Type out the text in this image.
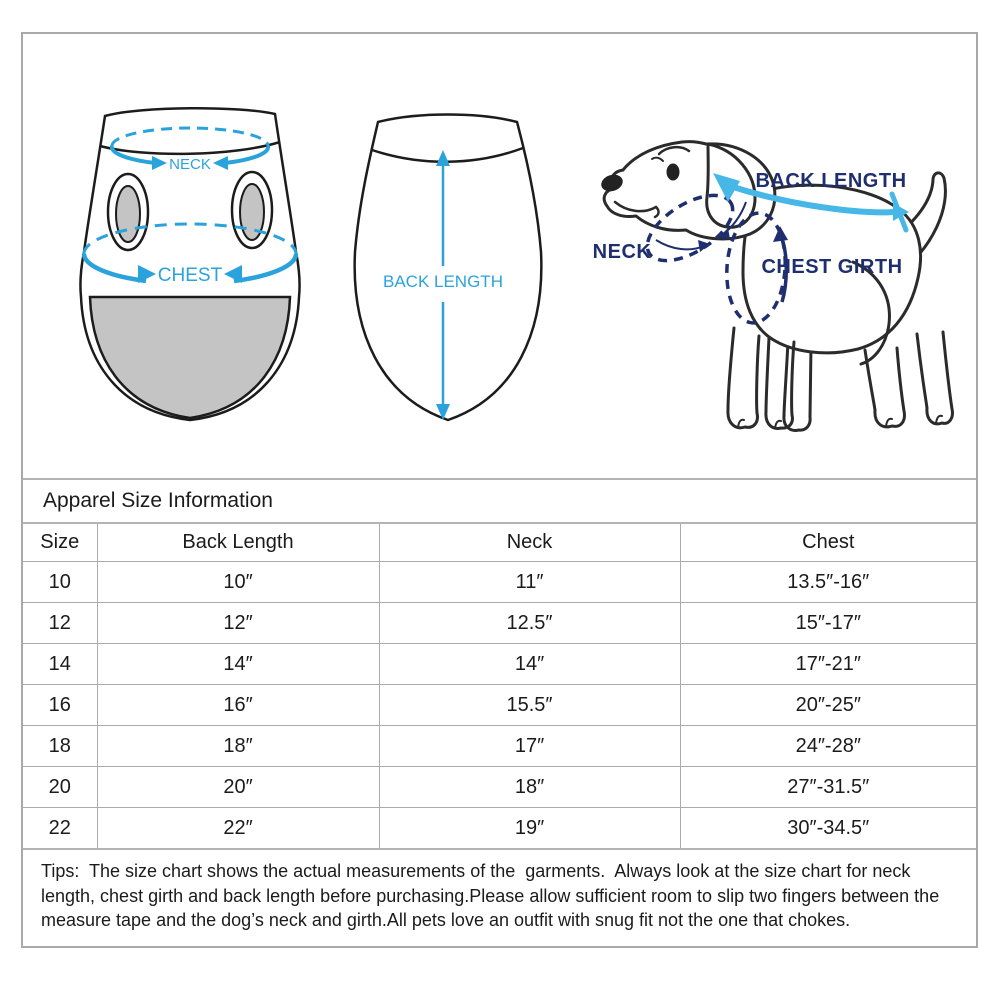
NECK
CHEST	BACK LENGTH
BACK LENGTH
NECK
CHEST GIRTH
Apparel Size Information
Size	Back Length	Neck	Chest
10	10″	11″	13.5″-16″
12	12″	12.5″	15″-17″
14	14″	14″	17″-21″
16	16″	15.5″	20″-25″
18	18″	17″	24″-28″
20	20″	18″	27″-31.5″
22	22″	19″	30″-34.5″
Tips:  The size chart shows the actual measurements of the  garments.  Always look at the size chart for neck length, chest girth and back length before purchasing.Please allow sufficient room to slip two fingers between the measure tape and the dog’s neck and girth.All pets love an outfit with snug fit not the one that chokes.
